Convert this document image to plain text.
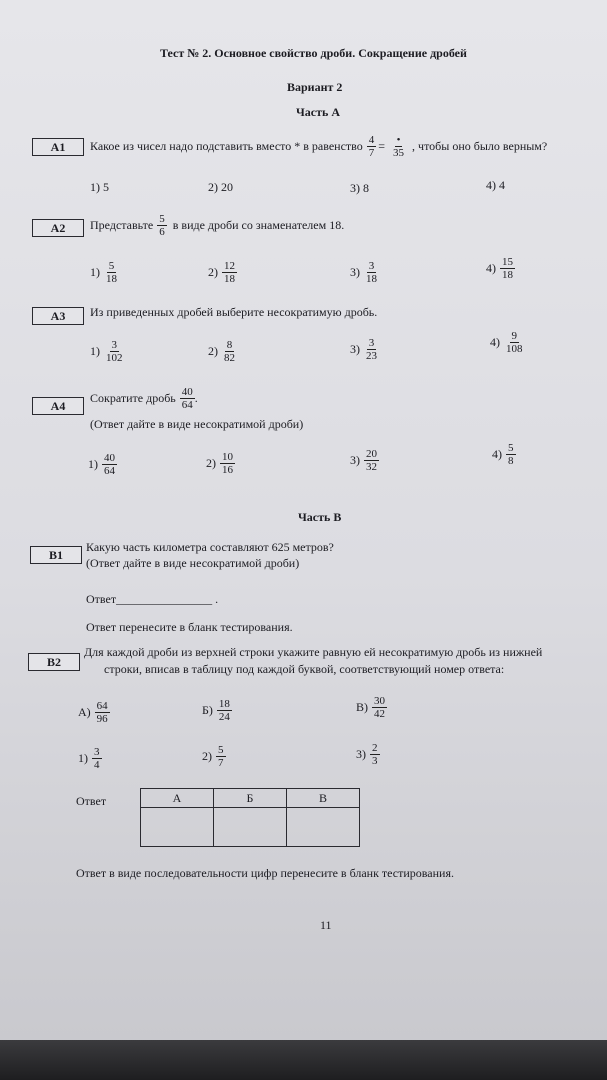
Тест № 2. Основное свойство дроби. Сокращение дробей
Вариант 2
Часть А
А1	Какое из чисел надо подставить вместо * в равенство $\frac{4}{7} = \frac{•}{35}$ , чтобы оно было верным?
1)
5	2)
20	3)
8	4)
4
А2	Представьте $\frac{5}{6}$ в виде дроби со знаменателем 18.
$1) \frac{5}{18}$	$2) \frac{12}{18}$	$3) \frac{3}{18}$	$4) \frac{15}{18}$
А3	Из приведенных дробей выберите несократимую дробь.
$1) \frac{3}{102}$	$2) \frac{8}{82}$	$3) \frac{3}{23}$	$4) \frac{9}{108}$
А4
Сократите дробь $\frac{40}{64}$ .
(Ответ дайте в виде несократимой дроби)
$1) \frac{40}{64}$	$2) \frac{10}{16}$	$3) \frac{20}{32}$	$4) \frac{5}{8}$
Часть В
В1
Какую часть километра составляют 625 метров?
(Ответ дайте в виде несократимой дроби)
Ответ________________ .
Ответ перенесите в бланк тестирования.
В2
Для каждой дроби из верхней строки укажите равную ей несократимую дробь из нижней
строки, вписав в таблицу под каждой буквой, соответствующий номер ответа:
$А) \frac{64}{96}$	$Б) \frac{18}{24}$	$В) \frac{30}{42}$
$1) \frac{3}{4}$	$2) \frac{5}{7}$	$3) \frac{2}{3}$
Ответ	А	Б	В

Ответ в виде последовательности цифр перенесите в бланк тестирования.
11
